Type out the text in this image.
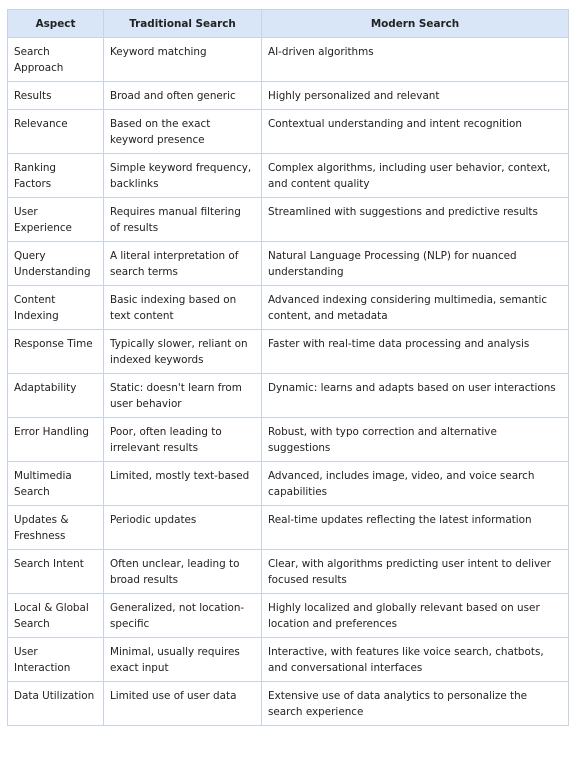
Aspect	Traditional Search	Modern Search
Search Approach	Keyword matching	AI-driven algorithms
Results	Broad and often generic	Highly personalized and relevant
Relevance	Based on the exact keyword presence	Contextual understanding and intent recognition
Ranking Factors	Simple keyword frequency, backlinks	Complex algorithms, including user behavior, context, and content quality
User Experience	Requires manual filtering of results	Streamlined with suggestions and predictive results
Query Understanding	A literal interpretation of search terms	Natural Language Processing (NLP) for nuanced understanding
Content Indexing	Basic indexing based on text content	Advanced indexing considering multimedia, semantic content, and metadata
Response Time	Typically slower, reliant on indexed keywords	Faster with real-time data processing and analysis
Adaptability	Static: doesn't learn from user behavior	Dynamic: learns and adapts based on user interactions
Error Handling	Poor, often leading to irrelevant results	Robust, with typo correction and alternative suggestions
Multimedia Search	Limited, mostly text-based	Advanced, includes image, video, and voice search capabilities
Updates & Freshness	Periodic updates	Real-time updates reflecting the latest information
Search Intent	Often unclear, leading to broad results	Clear, with algorithms predicting user intent to deliver focused results
Local & Global Search	Generalized, not location-specific	Highly localized and globally relevant based on user location and preferences
User Interaction	Minimal, usually requires exact input	Interactive, with features like voice search, chatbots, and conversational interfaces
Data Utilization	Limited use of user data	Extensive use of data analytics to personalize the search experience
